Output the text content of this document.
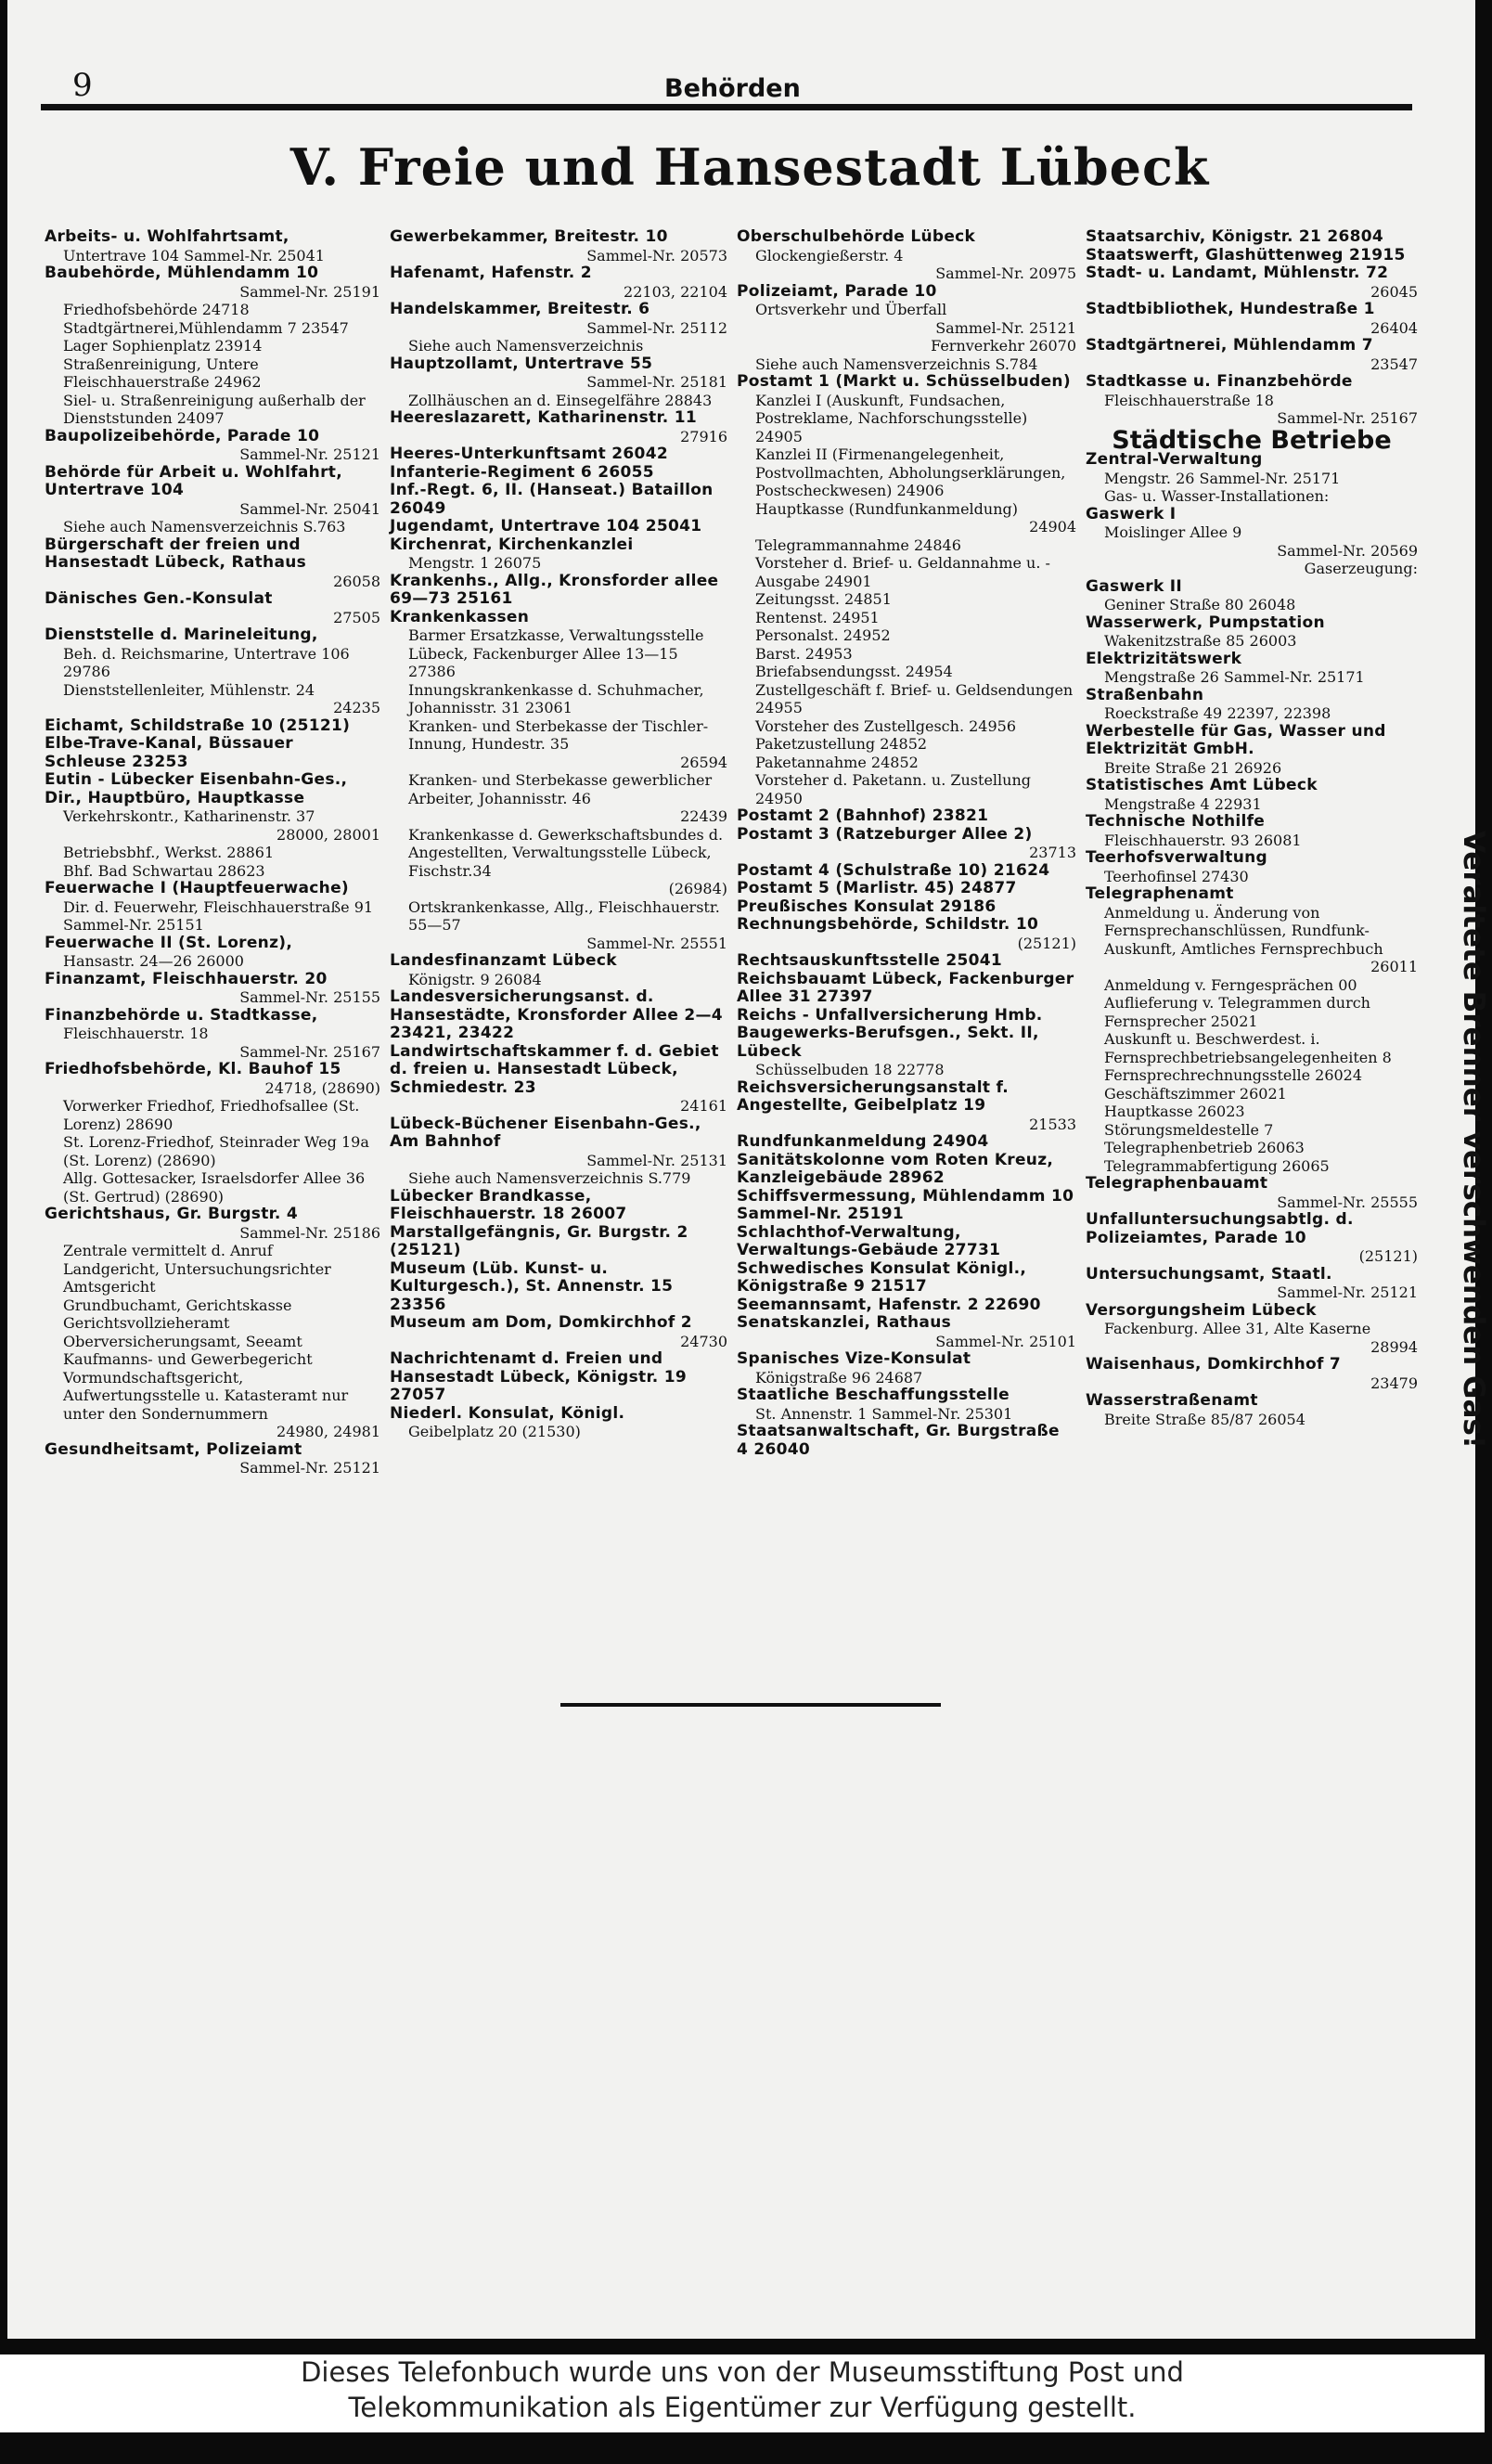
9	Behörden
V. Freie und Hansestadt Lübeck
Arbeits- u. Wohlfahrtsamt,
Untertrave 104 Sammel-Nr. 25041
Baubehörde, Mühlendamm 10
Sammel-Nr. 25191
Friedhofsbehörde 24718
Stadtgärtnerei,Mühlendamm 7 23547
Lager Sophienplatz 23914
Straßenreinigung, Untere Fleischhauerstraße 24962
Siel- u. Straßenreinigung außerhalb der Dienststunden 24097
Baupolizeibehörde, Parade 10
Sammel-Nr. 25121
Behörde für Arbeit u. Wohlfahrt, Untertrave 104
Sammel-Nr. 25041
Siehe auch Namensverzeichnis S.763
Bürgerschaft der freien und Hansestadt Lübeck, Rathaus
26058
Dänisches Gen.-Konsulat
27505
Dienststelle d. Marineleitung,
Beh. d. Reichsmarine, Untertrave 106 29786
Dienststellenleiter, Mühlenstr. 24
24235
Eichamt, Schildstraße 10 (25121)
Elbe-Trave-Kanal, Büssauer Schleuse 23253
Eutin - Lübecker Eisenbahn-Ges., Dir., Hauptbüro, Hauptkasse
Verkehrskontr., Katharinenstr. 37
28000, 28001
Betriebsbhf., Werkst. 28861
Bhf. Bad Schwartau 28623
Feuerwache I (Hauptfeuerwache)
Dir. d. Feuerwehr, Fleischhauerstraße 91 Sammel-Nr. 25151
Feuerwache II (St. Lorenz),
Hansastr. 24—26 26000
Finanzamt, Fleischhauerstr. 20
Sammel-Nr. 25155
Finanzbehörde u. Stadtkasse,
Fleischhauerstr. 18
Sammel-Nr. 25167
Friedhofsbehörde, Kl. Bauhof 15
24718, (28690)
Vorwerker Friedhof, Friedhofsallee (St. Lorenz) 28690
St. Lorenz-Friedhof, Steinrader Weg 19a (St. Lorenz) (28690)
Allg. Gottesacker, Israelsdorfer Allee 36 (St. Gertrud) (28690)
Gerichtshaus, Gr. Burgstr. 4
Sammel-Nr. 25186
Zentrale vermittelt d. Anruf
Landgericht, Untersuchungsrichter
Amtsgericht
Grundbuchamt, Gerichtskasse
Gerichtsvollzieheramt
Oberversicherungsamt, Seeamt
Kaufmanns- und Gewerbegericht
Vormundschaftsgericht, Aufwertungsstelle u. Katasteramt nur unter den Sondernummern
24980, 24981
Gesundheitsamt, Polizeiamt
Sammel-Nr. 25121
Gewerbekammer, Breitestr. 10
Sammel-Nr. 20573
Hafenamt, Hafenstr. 2
22103, 22104
Handelskammer, Breitestr. 6
Sammel-Nr. 25112
Siehe auch Namensverzeichnis
Hauptzollamt, Untertrave 55
Sammel-Nr. 25181
Zollhäuschen an d. Einsegelfähre 28843
Heereslazarett, Katharinenstr. 11
27916
Heeres-Unterkunftsamt 26042
Infanterie-Regiment 6 26055
Inf.-Regt. 6, II. (Hanseat.) Bataillon 26049
Jugendamt, Untertrave 104 25041
Kirchenrat, Kirchenkanzlei
Mengstr. 1 26075
Krankenhs., Allg., Kronsforder allee 69—73 25161
Krankenkassen
Barmer Ersatzkasse, Verwaltungsstelle Lübeck, Fackenburger Allee 13—15 27386
Innungskrankenkasse d. Schuhmacher, Johannisstr. 31 23061
Kranken- und Sterbekasse der Tischler-Innung, Hundestr. 35
26594
Kranken- und Sterbekasse gewerblicher Arbeiter, Johannisstr. 46
22439
Krankenkasse d. Gewerkschaftsbundes d. Angestellten, Verwaltungsstelle Lübeck, Fischstr.34
(26984)
Ortskrankenkasse, Allg., Fleischhauerstr. 55—57
Sammel-Nr. 25551
Landesfinanzamt Lübeck
Königstr. 9 26084
Landesversicherungsanst. d. Hansestädte, Kronsforder Allee 2—4 23421, 23422
Landwirtschaftskammer f. d. Gebiet d. freien u. Hansestadt Lübeck, Schmiedestr. 23
24161
Lübeck-Büchener Eisenbahn-Ges., Am Bahnhof
Sammel-Nr. 25131
Siehe auch Namensverzeichnis S.779
Lübecker Brandkasse, Fleischhauerstr. 18 26007
Marstallgefängnis, Gr. Burgstr. 2 (25121)
Museum (Lüb. Kunst- u. Kulturgesch.), St. Annenstr. 15 23356
Museum am Dom, Domkirchhof 2
24730
Nachrichtenamt d. Freien und Hansestadt Lübeck, Königstr. 19 27057
Niederl. Konsulat, Königl.
Geibelplatz 20 (21530)
Oberschulbehörde Lübeck
Glockengießerstr. 4
Sammel-Nr. 20975
Polizeiamt, Parade 10
Ortsverkehr und Überfall
Sammel-Nr. 25121
Fernverkehr 26070
Siehe auch Namensverzeichnis S.784
Postamt 1 (Markt u. Schüsselbuden)
Kanzlei I (Auskunft, Fundsachen, Postreklame, Nachforschungsstelle) 24905
Kanzlei II (Firmenangelegenheit, Postvollmachten, Abholungserklärungen, Postscheckwesen) 24906
Hauptkasse (Rundfunkanmeldung)
24904
Telegrammannahme 24846
Vorsteher d. Brief- u. Geldannahme u. -Ausgabe 24901
Zeitungsst. 24851
Rentenst. 24951
Personalst. 24952
Barst. 24953
Briefabsendungsst. 24954
Zustellgeschäft f. Brief- u. Geldsendungen 24955
Vorsteher des Zustellgesch. 24956
Paketzustellung 24852
Paketannahme 24852
Vorsteher d. Paketann. u. Zustellung 24950
Postamt 2 (Bahnhof) 23821
Postamt 3 (Ratzeburger Allee 2)
23713
Postamt 4 (Schulstraße 10) 21624
Postamt 5 (Marlistr. 45) 24877
Preußisches Konsulat 29186
Rechnungsbehörde, Schildstr. 10
(25121)
Rechtsauskunftsstelle 25041
Reichsbauamt Lübeck, Fackenburger Allee 31 27397
Reichs - Unfallversicherung Hmb. Baugewerks-Berufsgen., Sekt. II, Lübeck
Schüsselbuden 18 22778
Reichsversicherungsanstalt f. Angestellte, Geibelplatz 19
21533
Rundfunkanmeldung 24904
Sanitätskolonne vom Roten Kreuz, Kanzleigebäude 28962
Schiffsvermessung, Mühlendamm 10 Sammel-Nr. 25191
Schlachthof-Verwaltung, Verwaltungs-Gebäude 27731
Schwedisches Konsulat Königl., Königstraße 9 21517
Seemannsamt, Hafenstr. 2 22690
Senatskanzlei, Rathaus
Sammel-Nr. 25101
Spanisches Vize-Konsulat
Königstraße 96 24687
Staatliche Beschaffungsstelle
St. Annenstr. 1 Sammel-Nr. 25301
Staatsanwaltschaft, Gr. Burgstraße 4 26040
Staatsarchiv, Königstr. 21 26804
Staatswerft, Glashüttenweg 21915
Stadt- u. Landamt, Mühlenstr. 72
26045
Stadtbibliothek, Hundestraße 1
26404
Stadtgärtnerei, Mühlendamm 7
23547
Stadtkasse u. Finanzbehörde
Fleischhauerstraße 18
Sammel-Nr. 25167
Städtische Betriebe
Zentral-Verwaltung
Mengstr. 26 Sammel-Nr. 25171
Gas- u. Wasser-Installationen:
Gaswerk I
Moislinger Allee 9
Sammel-Nr. 20569
Gaserzeugung:
Gaswerk II
Geniner Straße 80 26048
Wasserwerk, Pumpstation
Wakenitzstraße 85 26003
Elektrizitätswerk
Mengstraße 26 Sammel-Nr. 25171
Straßenbahn
Roeckstraße 49 22397, 22398
Werbestelle für Gas, Wasser und Elektrizität GmbH.
Breite Straße 21 26926
Statistisches Amt Lübeck
Mengstraße 4 22931
Technische Nothilfe
Fleischhauerstr. 93 26081
Teerhofsverwaltung
Teerhofinsel 27430
Telegraphenamt
Anmeldung u. Änderung von Fernsprechanschlüssen, Rundfunk-Auskunft, Amtliches Fernsprechbuch
26011
Anmeldung v. Ferngesprächen 00
Auflieferung v. Telegrammen durch Fernsprecher 25021
Auskunft u. Beschwerdest. i. Fernsprechbetriebsangelegenheiten 8
Fernsprechrechnungsstelle 26024
Geschäftszimmer 26021
Hauptkasse 26023
Störungsmeldestelle 7
Telegraphenbetrieb 26063
Telegrammabfertigung 26065
Telegraphenbauamt
Sammel-Nr. 25555
Unfalluntersuchungsabtlg. d. Polizeiamtes, Parade 10
(25121)
Untersuchungsamt, Staatl.
Sammel-Nr. 25121
Versorgungsheim Lübeck
Fackenburg. Allee 31, Alte Kaserne
28994
Waisenhaus, Domkirchhof 7
23479
Wasserstraßenamt
Breite Straße 85/87 26054	Veraltete Brenner verschwenden Gas!
Dieses Telefonbuch wurde uns von der Museumsstiftung Post und
Telekommunikation als Eigentümer zur Verfügung gestellt.
